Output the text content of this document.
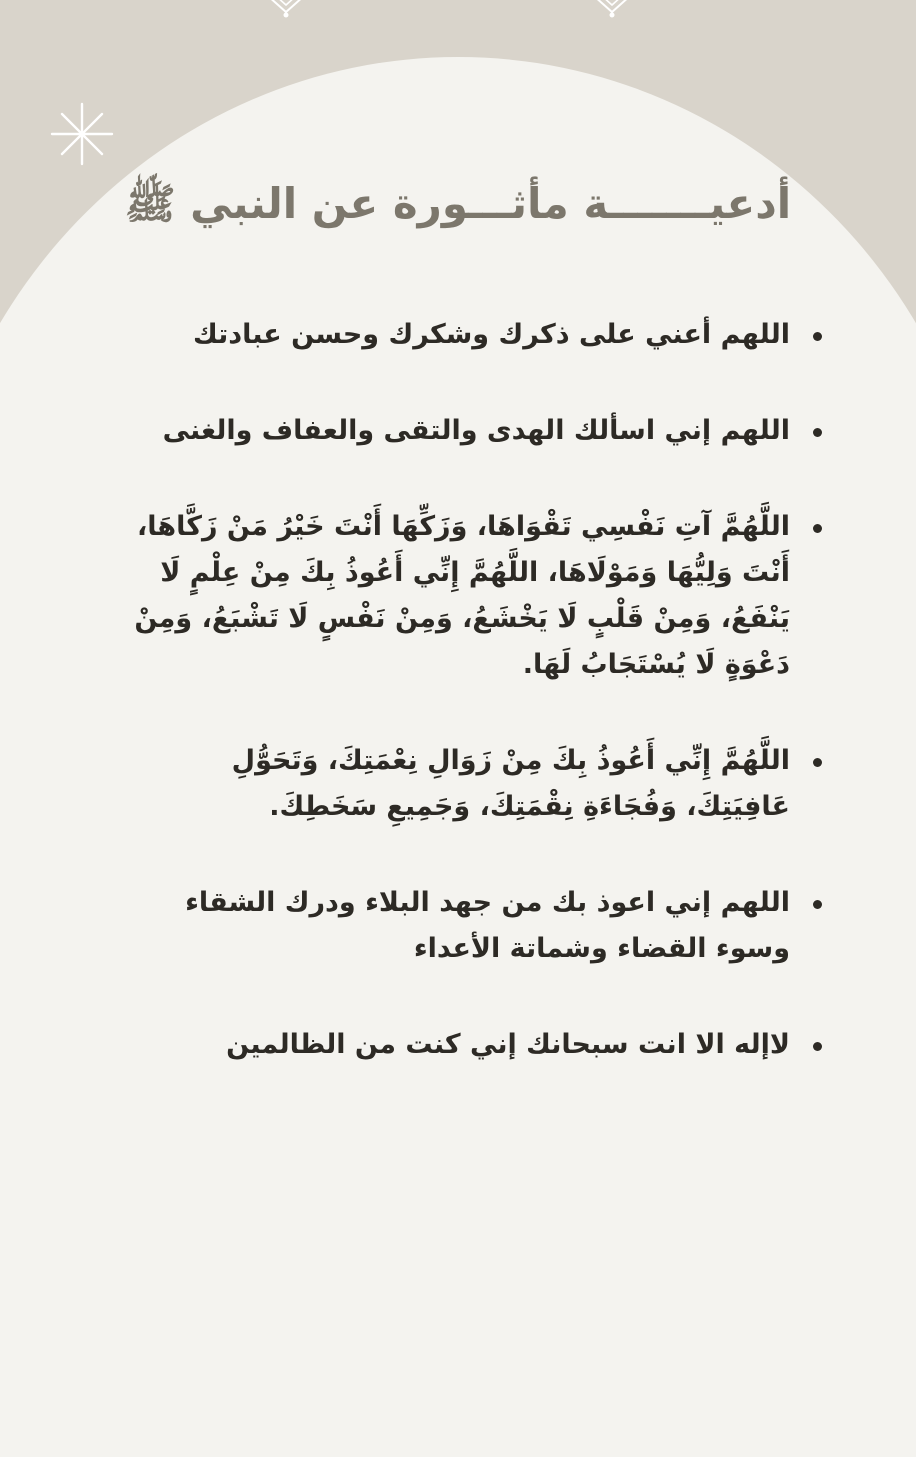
أدعيـــــــة مأثـــورة عن النبي ﷺ
اللهم أعني على ذكرك وشكرك وحسن عبادتك
اللهم إني اسألك الهدى والتقى والعفاف والغنى
اللَّهُمَّ آتِ نَفْسِي تَقْوَاهَا، وَزَكِّهَا أَنْتَ خَيْرُ مَنْ زَكَّاهَا، أَنْتَ وَلِيُّهَا وَمَوْلَاهَا، اللَّهُمَّ إِنِّي أَعُوذُ بِكَ مِنْ عِلْمٍ لَا يَنْفَعُ، وَمِنْ قَلْبٍ لَا يَخْشَعُ، وَمِنْ نَفْسٍ لَا تَشْبَعُ، وَمِنْ دَعْوَةٍ لَا يُسْتَجَابُ لَهَا.
اللَّهُمَّ إِنِّي أَعُوذُ بِكَ مِنْ زَوَالِ نِعْمَتِكَ، وَتَحَوُّلِ عَافِيَتِكَ، وَفُجَاءَةِ نِقْمَتِكَ، وَجَمِيعِ سَخَطِكَ.
اللهم إني اعوذ بك من جهد البلاء ودرك الشقاء وسوء القضاء وشماتة الأعداء
لاإله الا انت سبحانك إني كنت من الظالمين
